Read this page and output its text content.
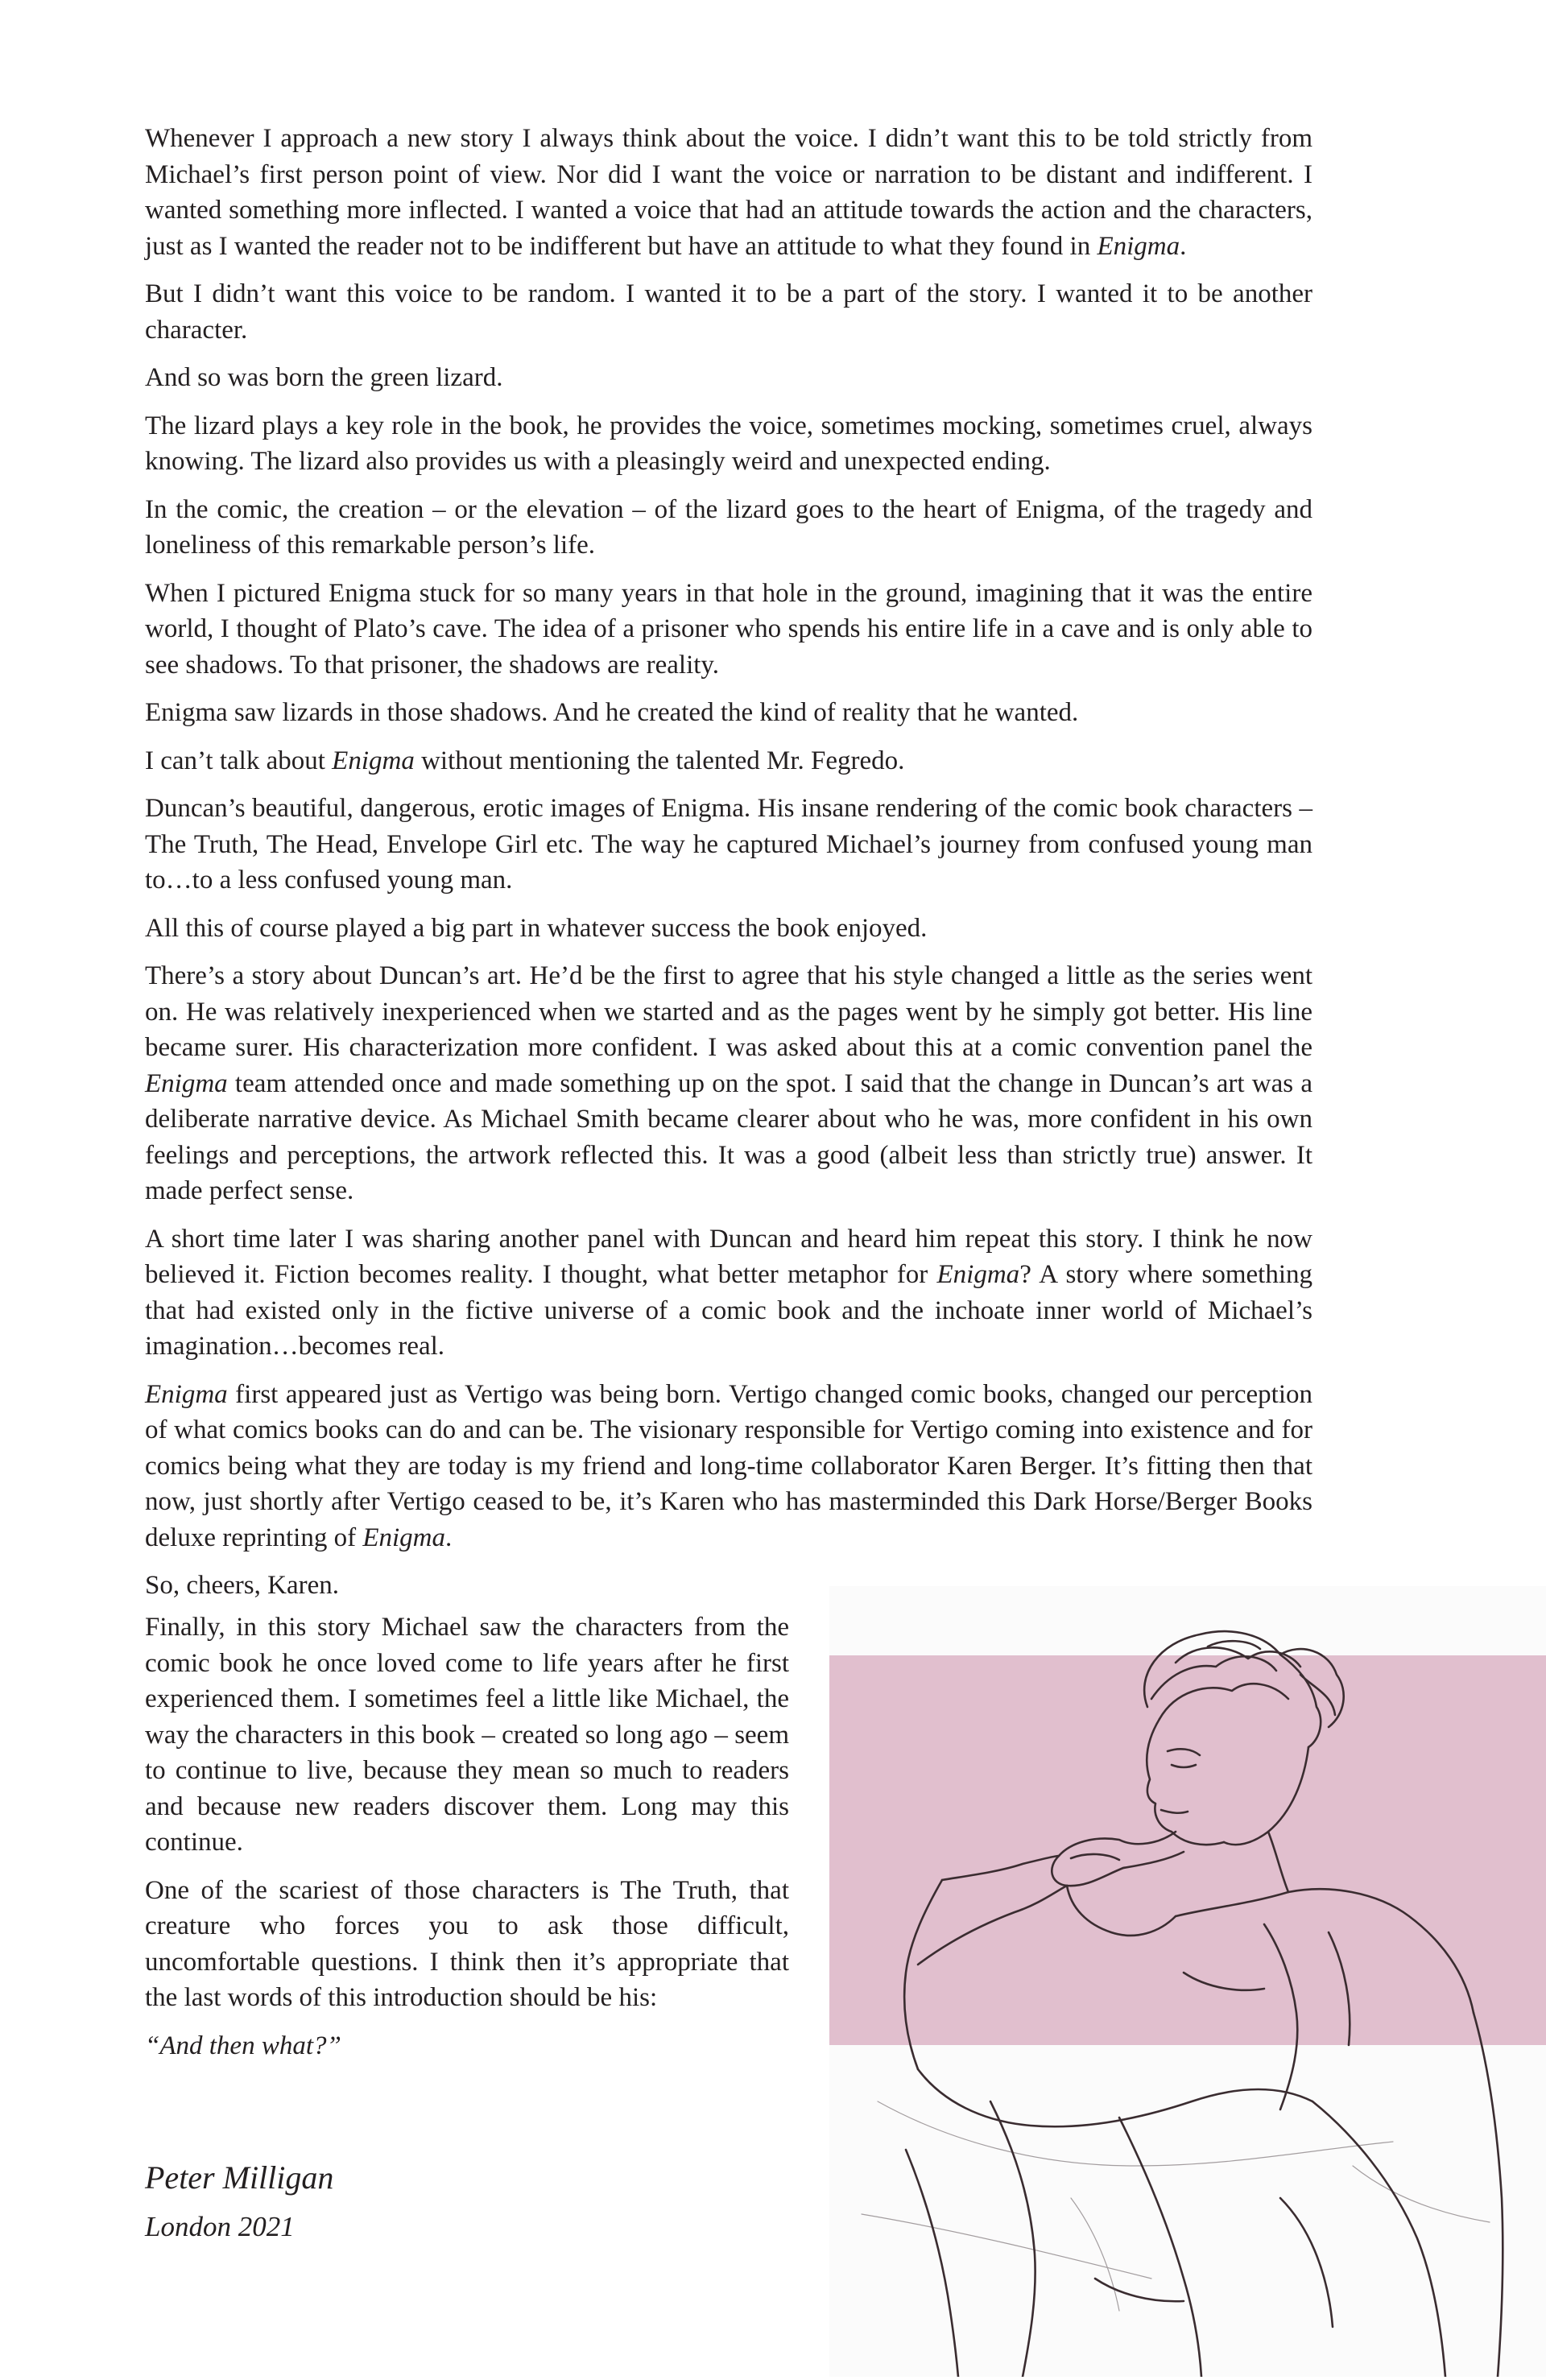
Whenever I approach a new story I always think about the voice. I didn’t want this to be told strictly from Michael’s first person point of view. Nor did I want the voice or narration to be distant and indifferent. I wanted something more inflected. I wanted a voice that had an attitude towards the action and the characters, just as I wanted the reader not to be indifferent but have an attitude to what they found in Enigma.

But I didn’t want this voice to be random. I wanted it to be a part of the story. I wanted it to be another character.

And so was born the green lizard.

The lizard plays a key role in the book, he provides the voice, sometimes mocking, sometimes cruel, always knowing. The lizard also provides us with a pleasingly weird and unexpected ending.

In the comic, the creation – or the elevation – of the lizard goes to the heart of Enigma, of the tragedy and loneliness of this remarkable person’s life.

When I pictured Enigma stuck for so many years in that hole in the ground, imagining that it was the entire world, I thought of Plato’s cave. The idea of a prisoner who spends his entire life in a cave and is only able to see shadows. To that prisoner, the shadows are reality.

Enigma saw lizards in those shadows. And he created the kind of reality that he wanted.

I can’t talk about Enigma without mentioning the talented Mr. Fegredo.

Duncan’s beautiful, dangerous, erotic images of Enigma. His insane rendering of the comic book characters – The Truth, The Head, Envelope Girl etc. The way he captured Michael’s journey from confused young man to…to a less confused young man.

All this of course played a big part in whatever success the book enjoyed.

There’s a story about Duncan’s art. He’d be the first to agree that his style changed a little as the series went on. He was relatively inexperienced when we started and as the pages went by he simply got better. His line became surer. His characterization more confident. I was asked about this at a comic convention panel the Enigma team attended once and made something up on the spot. I said that the change in Duncan’s art was a deliberate narrative device. As Michael Smith became clearer about who he was, more confident in his own feelings and perceptions, the artwork reflected this. It was a good (albeit less than strictly true) answer. It made perfect sense.

A short time later I was sharing another panel with Duncan and heard him repeat this story. I think he now believed it. Fiction becomes reality. I thought, what better metaphor for Enigma? A story where something that had existed only in the fictive universe of a comic book and the inchoate inner world of Michael’s imagination…becomes real.

Enigma first appeared just as Vertigo was being born. Vertigo changed comic books, changed our perception of what comics books can do and can be. The visionary responsible for Vertigo coming into existence and for comics being what they are today is my friend and long-time collaborator Karen Berger. It’s fitting then that now, just shortly after Vertigo ceased to be, it’s Karen who has masterminded this Dark Horse/Berger Books deluxe reprinting of Enigma.

So, cheers, Karen.

Finally, in this story Michael saw the characters from the comic book he once loved come to life years after he first experienced them. I sometimes feel a little like Michael, the way the characters in this book – created so long ago – seem to continue to live, because they mean so much to readers and because new readers discover them. Long may this continue.

One of the scariest of those characters is The Truth, that creature who forces you to ask those difficult, uncomfortable questions. I think then it’s appropriate that the last words of this introduction should be his:

“And then what?”

Peter Milligan

London 2021
